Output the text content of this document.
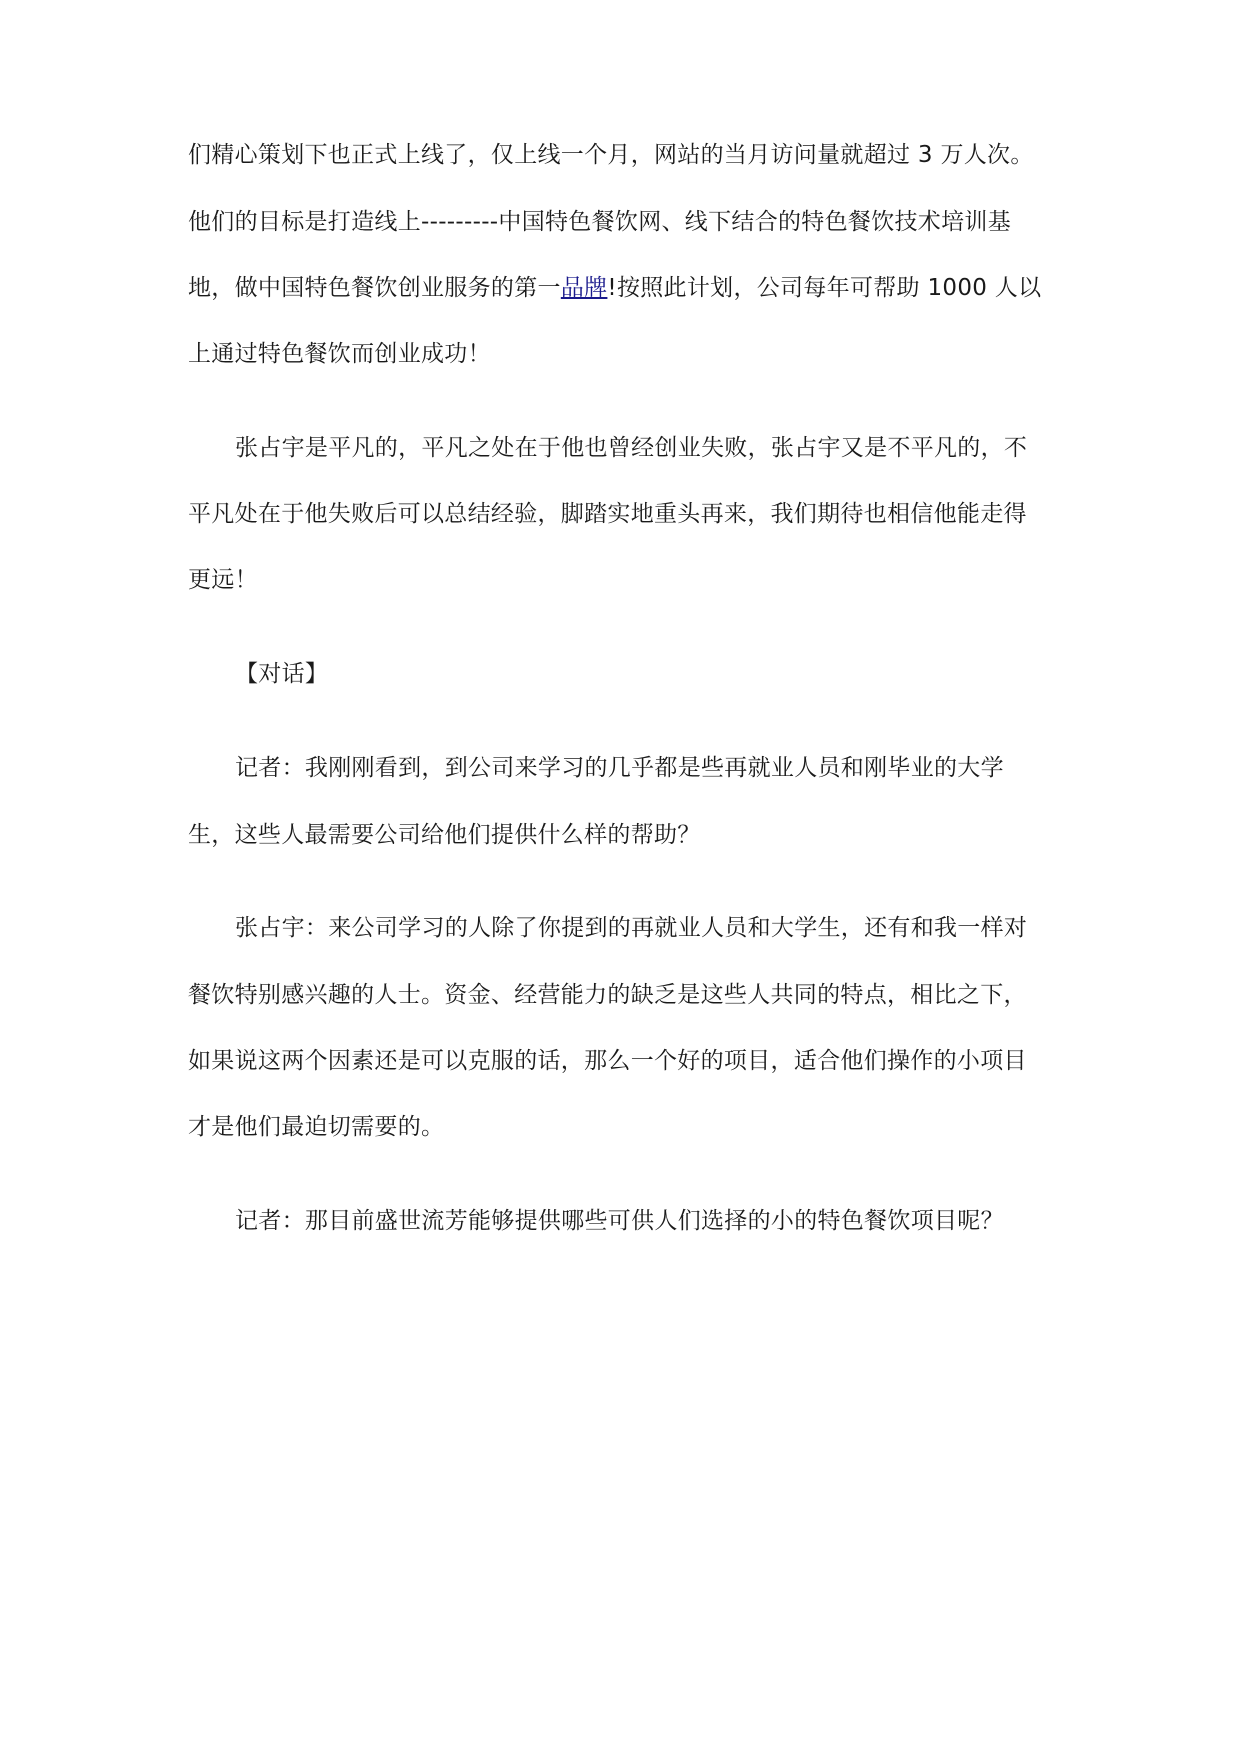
们精心策划下也正式上线了，仅上线一个月，网站的当月访问量就超过 3 万人次。
他们的目标是打造线上---------中国特色餐饮网、线下结合的特色餐饮技术培训基
地，做中国特色餐饮创业服务的第一品牌!按照此计划，公司每年可帮助 1000 人以
上通过特色餐饮而创业成功！
张占宇是平凡的，平凡之处在于他也曾经创业失败，张占宇又是不平凡的，不
平凡处在于他失败后可以总结经验，脚踏实地重头再来，我们期待也相信他能走得
更远！
【对话】
记者：我刚刚看到，到公司来学习的几乎都是些再就业人员和刚毕业的大学
生，这些人最需要公司给他们提供什么样的帮助？
张占宇：来公司学习的人除了你提到的再就业人员和大学生，还有和我一样对
餐饮特别感兴趣的人士。资金、经营能力的缺乏是这些人共同的特点，相比之下，
如果说这两个因素还是可以克服的话，那么一个好的项目，适合他们操作的小项目
才是他们最迫切需要的。
记者：那目前盛世流芳能够提供哪些可供人们选择的小的特色餐饮项目呢？
